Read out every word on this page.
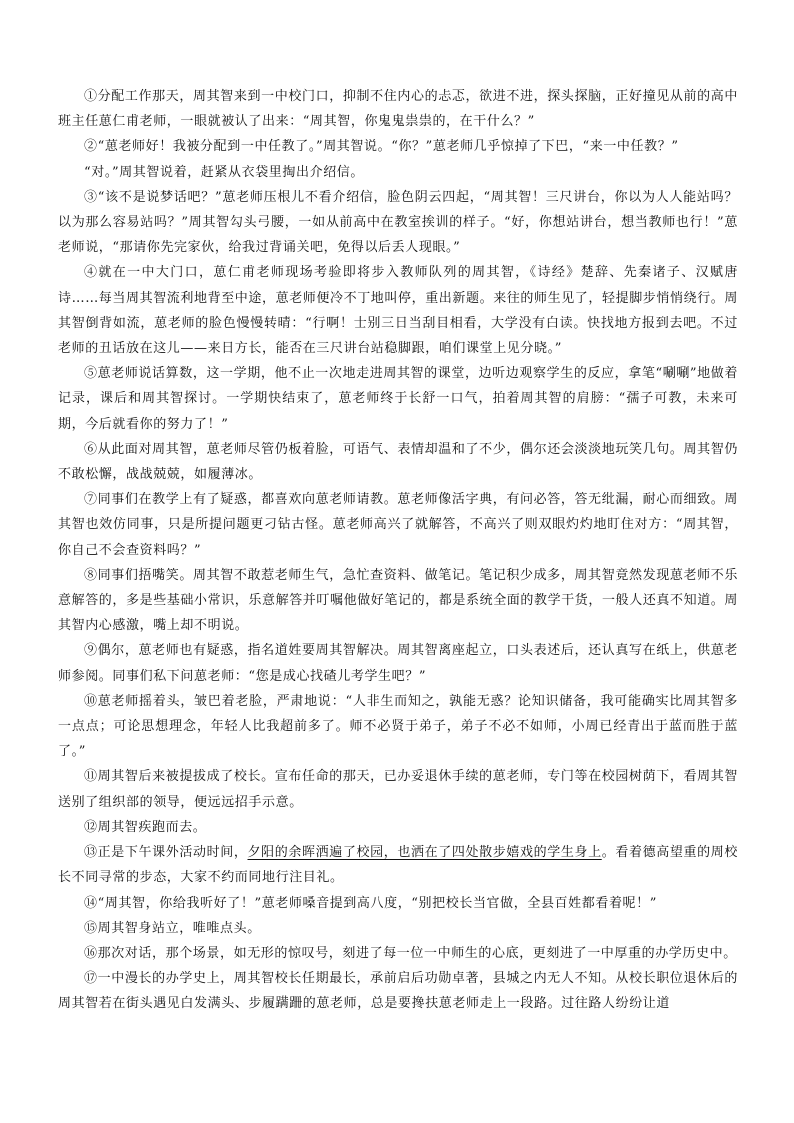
①分配工作那天，周其智来到一中校门口，抑制不住内心的忐忑，欲进不进，探头探脑，正好撞见从前的高中班主任葸仁甫老师，一眼就被认了出来：“周其智，你鬼鬼祟祟的，在干什么？”

②“葸老师好！我被分配到一中任教了。”周其智说。“你？”葸老师几乎惊掉了下巴，“来一中任教？”

“对。”周其智说着，赶紧从衣袋里掏出介绍信。

③“该不是说梦话吧？”葸老师压根儿不看介绍信，脸色阴云四起，“周其智！三尺讲台，你以为人人能站吗？以为那么容易站吗？”周其智勾头弓腰，一如从前高中在教室挨训的样子。“好，你想站讲台，想当教师也行！”葸老师说，“那请你先完家伙，给我过背诵关吧，免得以后丢人现眼。”

④就在一中大门口，葸仁甫老师现场考验即将步入教师队列的周其智，《诗经》楚辞、先秦诸子、汉赋唐诗……每当周其智流利地背至中途，葸老师便冷不丁地叫停，重出新题。来往的师生见了，轻提脚步悄悄绕行。周其智倒背如流，葸老师的脸色慢慢转晴：“行啊！士别三日当刮目相看，大学没有白读。快找地方报到去吧。不过老师的丑话放在这儿——来日方长，能否在三尺讲台站稳脚跟，咱们课堂上见分晓。”

⑤葸老师说话算数，这一学期，他不止一次地走进周其智的课堂，边听边观察学生的反应，拿笔“唰唰”地做着记录，课后和周其智探讨。一学期快结束了，葸老师终于长舒一口气，拍着周其智的肩膀：“孺子可教，未来可期，今后就看你的努力了！”

⑥从此面对周其智，葸老师尽管仍板着脸，可语气、表情却温和了不少，偶尔还会淡淡地玩笑几句。周其智仍不敢松懈，战战兢兢，如履薄冰。

⑦同事们在教学上有了疑惑，都喜欢向葸老师请教。葸老师像活字典，有问必答，答无纰漏，耐心而细致。周其智也效仿同事，只是所提问题更刁钻古怪。葸老师高兴了就解答，不高兴了则双眼灼灼地盯住对方：“周其智，你自己不会查资料吗？”

⑧同事们捂嘴笑。周其智不敢惹老师生气，急忙查资料、做笔记。笔记积少成多，周其智竟然发现葸老师不乐意解答的，多是些基础小常识，乐意解答并叮嘱他做好笔记的，都是系统全面的教学干货，一般人还真不知道。周其智内心感激，嘴上却不明说。

⑨偶尔，葸老师也有疑惑，指名道姓要周其智解决。周其智离座起立，口头表述后，还认真写在纸上，供葸老师参阅。同事们私下问葸老师：“您是成心找碴儿考学生吧？”

⑩葸老师摇着头，皱巴着老脸，严肃地说：“人非生而知之，孰能无惑？论知识储备，我可能确实比周其智多一点点；可论思想理念，年轻人比我超前多了。师不必贤于弟子，弟子不必不如师，小周已经青出于蓝而胜于蓝了。”

⑪周其智后来被提拔成了校长。宣布任命的那天，已办妥退休手续的葸老师，专门等在校园树荫下，看周其智送别了组织部的领导，便远远招手示意。

⑫周其智疾跑而去。

⑬正是下午课外活动时间，夕阳的余晖洒遍了校园，也洒在了四处散步嬉戏的学生身上。看着德高望重的周校长不同寻常的步态，大家不约而同地行注目礼。

⑭“周其智，你给我听好了！”葸老师嗓音提到高八度，“别把校长当官做，全县百姓都看着呢！”

⑮周其智身站立，唯唯点头。

⑯那次对话，那个场景，如无形的惊叹号，刻进了每一位一中师生的心底，更刻进了一中厚重的办学历史中。

⑰一中漫长的办学史上，周其智校长任期最长，承前启后功勋卓著，县城之内无人不知。从校长职位退休后的周其智若在街头遇见白发满头、步履蹒跚的葸老师，总是要搀扶葸老师走上一段路。过往路人纷纷让道
